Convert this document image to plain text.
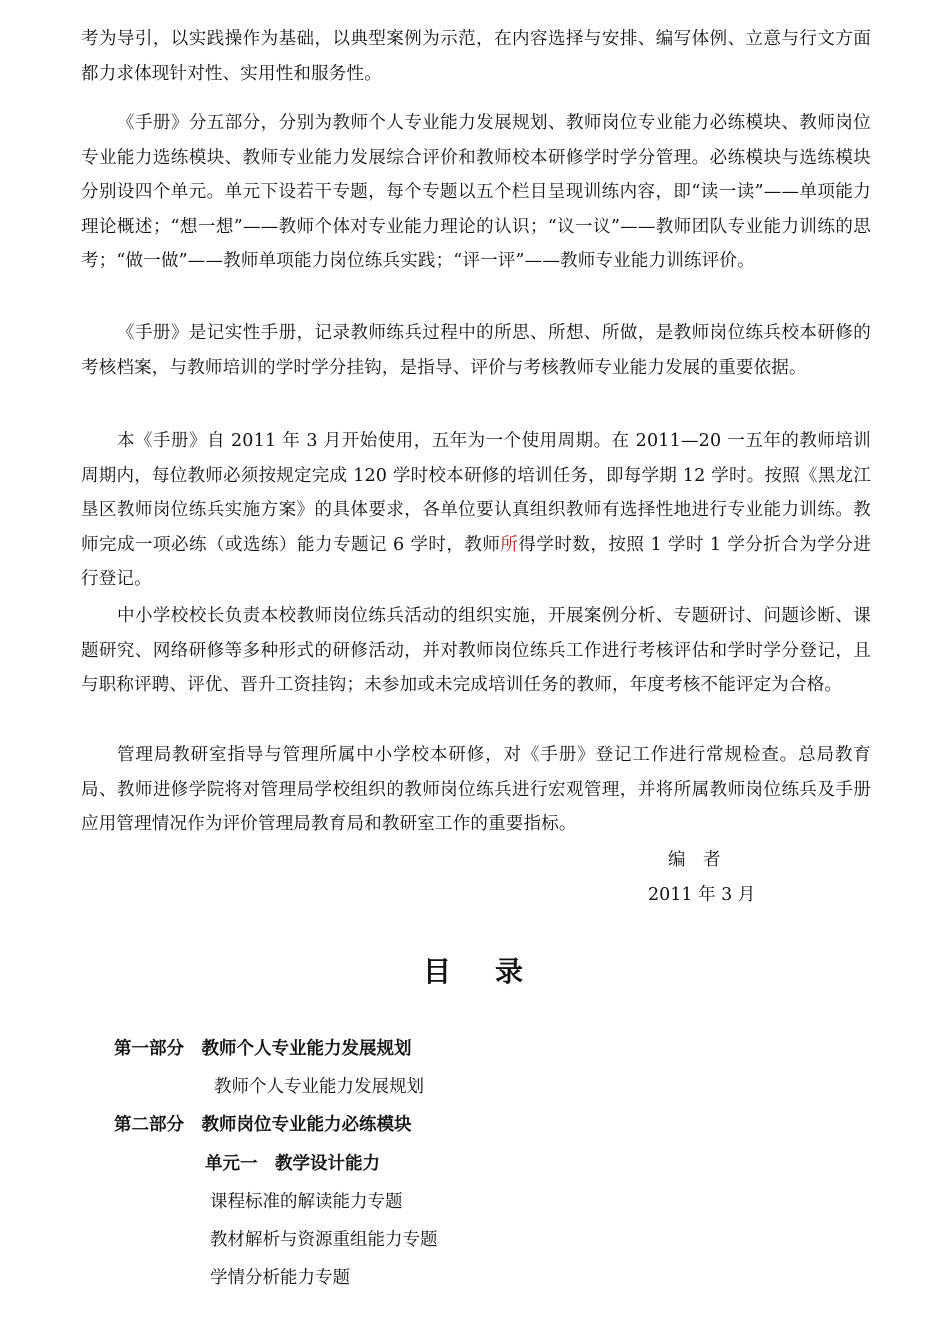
考为导引，以实践操作为基础，以典型案例为示范，在内容选择与安排、编写体例、立意与行文方面都力求体现针对性、实用性和服务性。

《手册》分五部分，分别为教师个人专业能力发展规划、教师岗位专业能力必练模块、教师岗位专业能力选练模块、教师专业能力发展综合评价和教师校本研修学时学分管理。必练模块与选练模块分别设四个单元。单元下设若干专题，每个专题以五个栏目呈现训练内容，即“读一读”——单项能力理论概述；“想一想”——教师个体对专业能力理论的认识；“议一议”——教师团队专业能力训练的思考；“做一做”——教师单项能力岗位练兵实践；“评一评”——教师专业能力训练评价。

《手册》是记实性手册，记录教师练兵过程中的所思、所想、所做，是教师岗位练兵校本研修的考核档案，与教师培训的学时学分挂钩，是指导、评价与考核教师专业能力发展的重要依据。

本《手册》自 2011 年 3 月开始使用，五年为一个使用周期。在 2011—20 一五年的教师培训周期内，每位教师必须按规定完成 120 学时校本研修的培训任务，即每学期 12 学时。按照《黑龙江垦区教师岗位练兵实施方案》的具体要求，各单位要认真组织教师有选择性地进行专业能力训练。教师完成一项必练（或选练）能力专题记 6 学时，教师所得学时数，按照 1 学时 1 学分折合为学分进行登记。

中小学校校长负责本校教师岗位练兵活动的组织实施，开展案例分析、专题研讨、问题诊断、课题研究、网络研修等多种形式的研修活动，并对教师岗位练兵工作进行考核评估和学时学分登记，且与职称评聘、评优、晋升工资挂钩；未参加或未完成培训任务的教师，年度考核不能评定为合格。

管理局教研室指导与管理所属中小学校本研修，对《手册》登记工作进行常规检查。总局教育局、教师进修学院将对管理局学校组织的教师岗位练兵进行宏观管理，并将所属教师岗位练兵及手册应用管理情况作为评价管理局教育局和教研室工作的重要指标。

编　者
2011 年 3 月
目录
第一部分　教师个人专业能力发展规划
教师个人专业能力发展规划
第二部分　教师岗位专业能力必练模块
单元一　教学设计能力
课程标准的解读能力专题
教材解析与资源重组能力专题
学情分析能力专题
